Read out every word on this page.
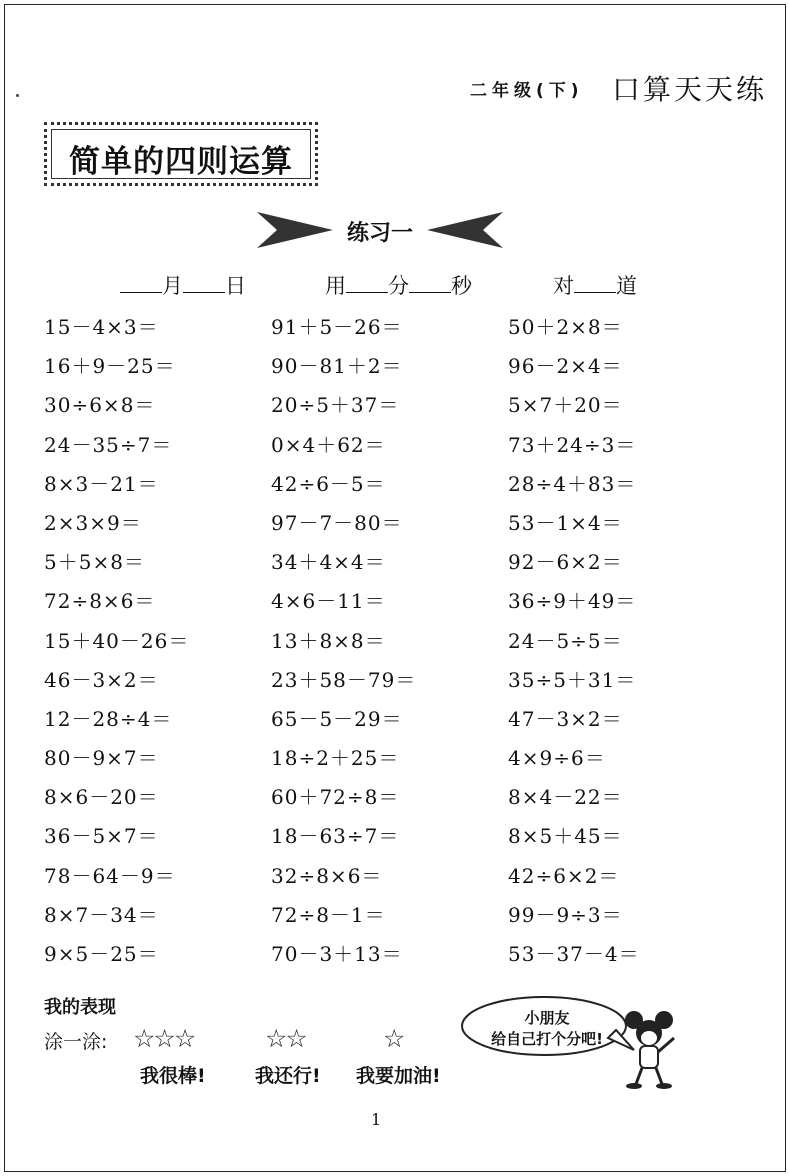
二年级(下) 口算天天练
简单的四则运算
练习一
月 日	用 分 秒	对 道
15－4×3＝	91＋5－26＝	50＋2×8＝
16＋9－25＝	90－81＋2＝	96－2×4＝
30÷6×8＝	20÷5＋37＝	5×7＋20＝
24－35÷7＝	0×4＋62＝	73＋24÷3＝
8×3－21＝	42÷6－5＝	28÷4＋83＝
2×3×9＝	97－7－80＝	53－1×4＝
5＋5×8＝	34＋4×4＝	92－6×2＝
72÷8×6＝	4×6－11＝	36÷9＋49＝
15＋40－26＝	13＋8×8＝	24－5÷5＝
46－3×2＝	23＋58－79＝	35÷5＋31＝
12－28÷4＝	65－5－29＝	47－3×2＝
80－9×7＝	18÷2＋25＝	4×9÷6＝
8×6－20＝	60＋72÷8＝	8×4－22＝
36－5×7＝	18－63÷7＝	8×5＋45＝
78－64－9＝	32÷8×6＝	42÷6×2＝
8×7－34＝	72÷8－1＝	99－9÷3＝
9×5－25＝	70－3＋13＝	53－37－4＝
我的表现
涂一涂: ☆☆☆	☆☆	☆
我很棒!	我还行! 我要加油!
小朋友
给自己打个分吧!
1
